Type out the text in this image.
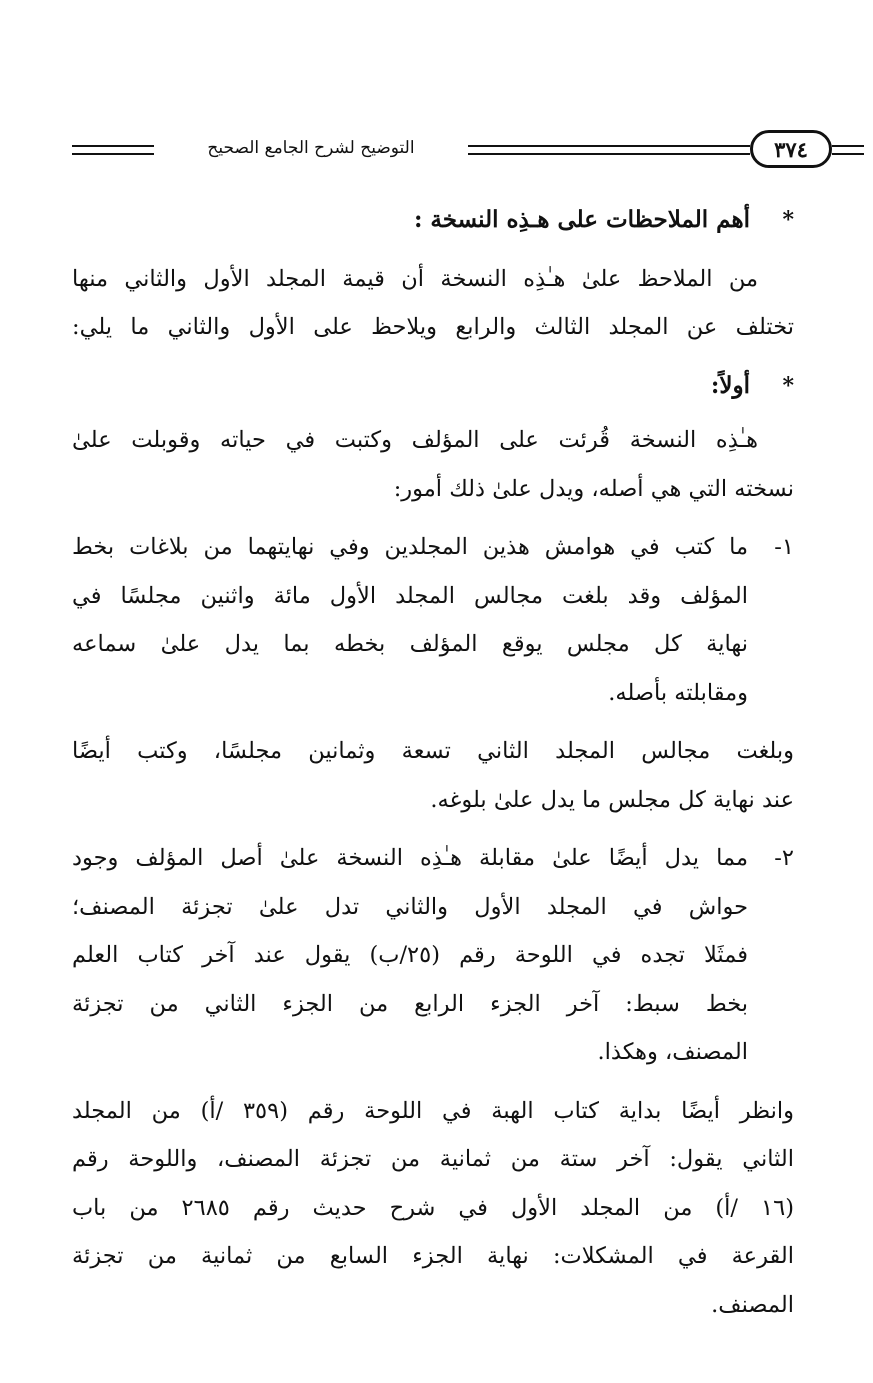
٣٧٤
التوضيح لشرح الجامع الصحيح
*
أهم الملاحظات على هـذِه النسخة :
من الملاحظ علىٰ هـٰذِه النسخة أن قيمة المجلد الأول والثاني منها
تختلف عن المجلد الثالث والرابع ويلاحظ على الأول والثاني ما يلي:
*
أولاً:
هـٰذِه النسخة قُرئت على المؤلف وكتبت في حياته وقوبلت علىٰ
نسخته التي هي أصله، ويدل علىٰ ذلك أمور:
١-
ما كتب في هوامش هذين المجلدين وفي نهايتهما من بلاغات بخط
المؤلف وقد بلغت مجالس المجلد الأول مائة واثنين مجلسًا في
نهاية كل مجلس يوقع المؤلف بخطه بما يدل علىٰ سماعه
ومقابلته بأصله.
وبلغت مجالس المجلد الثاني تسعة وثمانين مجلسًا، وكتب أيضًا
عند نهاية كل مجلس ما يدل علىٰ بلوغه.
٢-
مما يدل أيضًا علىٰ مقابلة هـٰذِه النسخة علىٰ أصل المؤلف وجود
حواش في المجلد الأول والثاني تدل علىٰ تجزئة المصنف؛
فمثَلا تجده في اللوحة رقم (٢٥/ب) يقول عند آخر كتاب العلم
بخط سبط: آخر الجزء الرابع من الجزء الثاني من تجزئة
المصنف، وهكذا.
وانظر أيضًا بداية كتاب الهبة في اللوحة رقم (٣٥٩ /أ) من المجلد
الثاني يقول: آخر ستة من ثمانية من تجزئة المصنف، واللوحة رقم
(١٦ /أ) من المجلد الأول في شرح حديث رقم ٢٦٨٥ من باب
القرعة في المشكلات: نهاية الجزء السابع من ثمانية من تجزئة
المصنف.
